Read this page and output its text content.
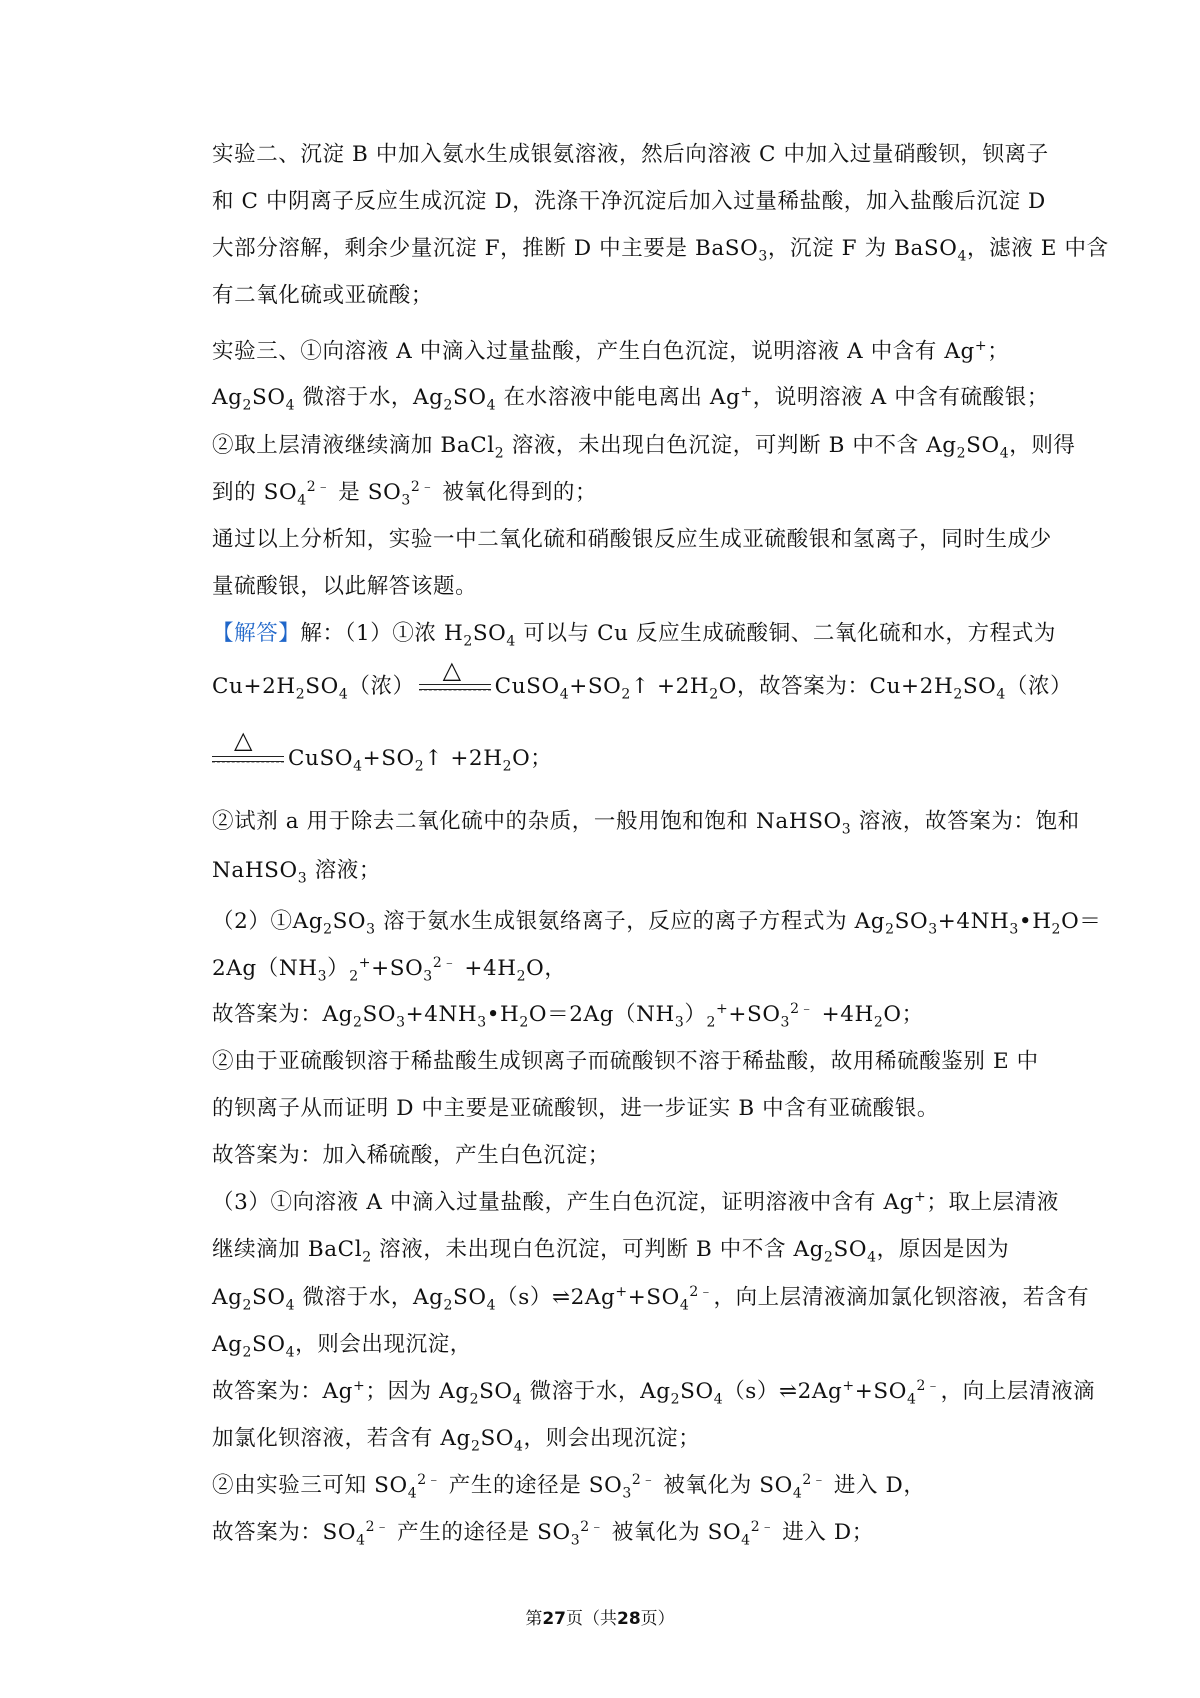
实验二、沉淀 B 中加入氨水生成银氨溶液，然后向溶液 C 中加入过量硝酸钡，钡离子
和 C 中阴离子反应生成沉淀 D，洗涤干净沉淀后加入过量稀盐酸，加入盐酸后沉淀 D
大部分溶解，剩余少量沉淀 F，推断 D 中主要是 BaSO$_3$，沉淀 F 为 BaSO$_4$，滤液 E 中含
有二氧化硫或亚硫酸；
实验三、①向溶液 A 中滴入过量盐酸，产生白色沉淀，说明溶液 A 中含有 Ag+；
$Ag_2SO_4$ 微溶于水，$Ag_2SO_4$ 在水溶液中能电离出 Ag+，说明溶液 A 中含有硫酸银；
②取上层清液继续滴加 BaCl$_2$ 溶液，未出现白色沉淀，可判断 B 中不含 $Ag_2SO_4$，则得
到的 $SO_4^{2﹣}$ 是 $SO_3^{2﹣}$ 被氧化得到的；
通过以上分析知，实验一中二氧化硫和硝酸银反应生成亚硫酸银和氢离子，同时生成少
量硫酸银，以此解答该题。
【解答】解：（1）①浓 $H_2SO_4$ 可以与 Cu 反应生成硫酸铜、二氧化硫和水，方程式为
$Cu+2H_2SO_4$（浓）
△
$CuSO_4+SO_2↑ +2H_2O$，故答案为：$Cu+2H_2SO_4$（浓）
△
$CuSO_4+SO_2↑ +2H_2O$；
②试剂 a 用于除去二氧化硫中的杂质，一般用饱和饱和 NaHSO$_3$ 溶液，故答案为：饱和
NaHSO$_3$ 溶液；
$(2)①Ag_2SO_3$ 溶于氨水生成银氨络离子，反应的离子方程式为 $Ag_2SO_3+4NH_3•H_2O=$
$2Ag(NH_3)_2^++SO_3^{2﹣} +4H_2O$，
故答案为：$Ag_2SO_3+4NH_3•H_2O=2Ag(NH_3)_2^++SO_3^{2﹣} +4H_2O$；
②由于亚硫酸钡溶于稀盐酸生成钡离子而硫酸钡不溶于稀盐酸，故用稀硫酸鉴别 E 中
的钡离子从而证明 D 中主要是亚硫酸钡，进一步证实 B 中含有亚硫酸银。
故答案为：加入稀硫酸，产生白色沉淀；
（3）①向溶液 A 中滴入过量盐酸，产生白色沉淀，证明溶液中含有 Ag+；取上层清液
继续滴加 BaCl$_2$ 溶液，未出现白色沉淀，可判断 B 中不含 $Ag_2SO_4$，原因是因为
$Ag_2SO_4$ 微溶于水，$Ag_2SO_4(s)\rightleftharpoons 2Ag^++SO_4^{2﹣}$，向上层清液滴加氯化钡溶液，若含有
$Ag_2SO_4$，则会出现沉淀，
故答案为：Ag+；因为 $Ag_2SO_4$ 微溶于水，$Ag_2SO_4(s)\rightleftharpoons 2Ag^++SO_4^{2﹣}$，向上层清液滴
加氯化钡溶液，若含有 $Ag_2SO_4$，则会出现沉淀；
②由实验三可知 $SO_4^{2﹣}$ 产生的途径是 $SO_3^{2﹣}$ 被氧化为 $SO_4^{2﹣}$ 进入 D，
故答案为：$SO_4^{2﹣}$ 产生的途径是 $SO_3^{2﹣}$ 被氧化为 $SO_4^{2﹣}$ 进入 D；
第27页（共28页）
